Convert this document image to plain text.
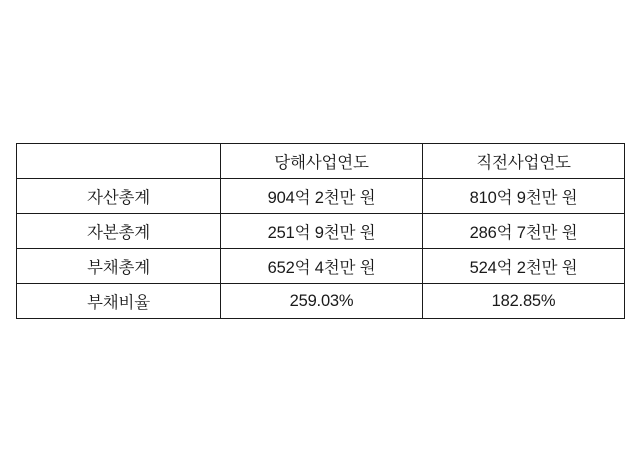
	당해사업연도	직전사업연도
자산총계	904억 2천만 원	810억 9천만 원
자본총계	251억 9천만 원	286억 7천만 원
부채총계	652억 4천만 원	524억 2천만 원
부채비율	259.03%	182.85%
